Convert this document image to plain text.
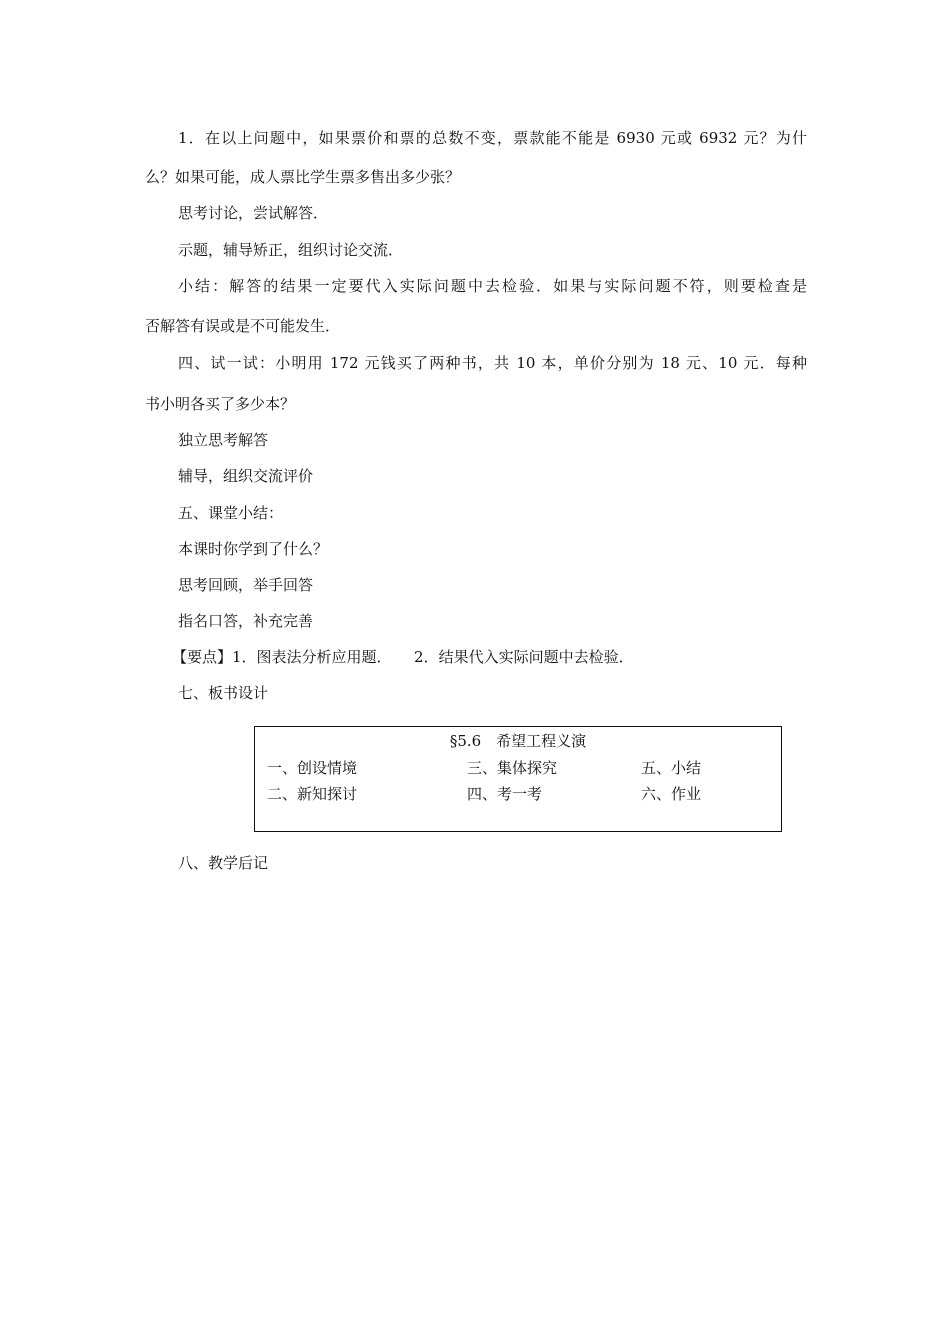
1．在以上问题中，如果票价和票的总数不变，票款能不能是 6930 元或 6932 元？为什
么？如果可能，成人票比学生票多售出多少张？
思考讨论，尝试解答．
示题，辅导矫正，组织讨论交流．
小结：解答的结果一定要代入实际问题中去检验．如果与实际问题不符，则要检查是
否解答有误或是不可能发生．
四、试一试：小明用 172 元钱买了两种书，共 10 本，单价分别为 18 元、10 元．每种
书小明各买了多少本？
独立思考解答
辅导，组织交流评价
五、课堂小结：
本课时你学到了什么？
思考回顾，举手回答
指名口答，补充完善
【要点】1．图表法分析应用题．　　2．结果代入实际问题中去检验．
七、板书设计
§5.6　希望工程义演
一、创设情境	三、集体探究	五、小结
二、新知探讨	四、考一考	六、作业
八、教学后记
